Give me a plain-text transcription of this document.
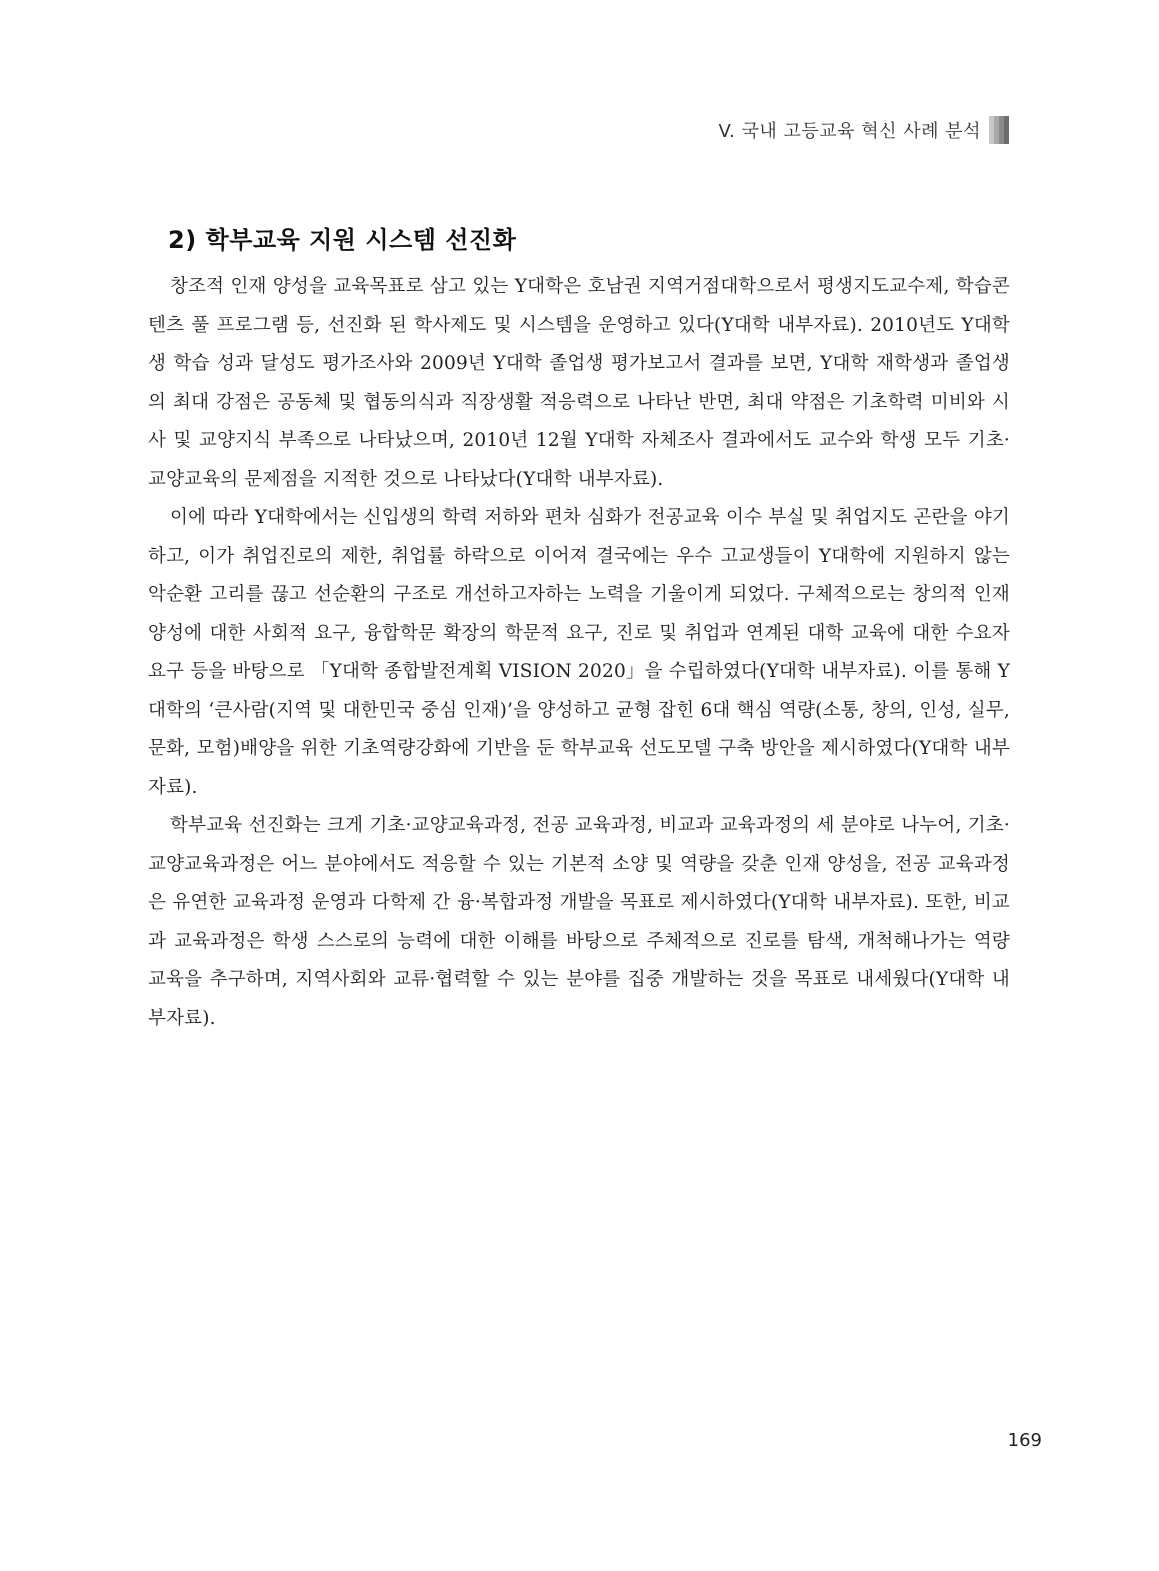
V. 국내 고등교육 혁신 사례 분석
2) 학부교육 지원 시스템 선진화

창조적 인재 양성을 교육목표로 삼고 있는 Y대학은 호남권 지역거점대학으로서 평생지도교수제, 학습콘텐츠 풀 프로그램 등, 선진화 된 학사제도 및 시스템을 운영하고 있다(Y대학 내부자료). 2010년도 Y대학생 학습 성과 달성도 평가조사와 2009년 Y대학 졸업생 평가보고서 결과를 보면, Y대학 재학생과 졸업생의 최대 강점은 공동체 및 협동의식과 직장생활 적응력으로 나타난 반면, 최대 약점은 기초학력 미비와 시사 및 교양지식 부족으로 나타났으며, 2010년 12월 Y대학 자체조사 결과에서도 교수와 학생 모두 기초·교양교육의 문제점을 지적한 것으로 나타났다(Y대학 내부자료).

이에 따라 Y대학에서는 신입생의 학력 저하와 편차 심화가 전공교육 이수 부실 및 취업지도 곤란을 야기하고, 이가 취업진로의 제한, 취업률 하락으로 이어져 결국에는 우수 고교생들이 Y대학에 지원하지 않는 악순환 고리를 끊고 선순환의 구조로 개선하고자하는 노력을 기울이게 되었다. 구체적으로는 창의적 인재 양성에 대한 사회적 요구, 융합학문 확장의 학문적 요구, 진로 및 취업과 연계된 대학 교육에 대한 수요자 요구 등을 바탕으로 「Y대학 종합발전계획 VISION 2020」을 수립하였다(Y대학 내부자료). 이를 통해 Y대학의 ‘큰사람(지역 및 대한민국 중심 인재)’을 양성하고 균형 잡힌 6대 핵심 역량(소통, 창의, 인성, 실무, 문화, 모험)배양을 위한 기초역량강화에 기반을 둔 학부교육 선도모델 구축 방안을 제시하였다(Y대학 내부자료).

학부교육 선진화는 크게 기초·교양교육과정, 전공 교육과정, 비교과 교육과정의 세 분야로 나누어, 기초·교양교육과정은 어느 분야에서도 적응할 수 있는 기본적 소양 및 역량을 갖춘 인재 양성을, 전공 교육과정은 유연한 교육과정 운영과 다학제 간 융·복합과정 개발을 목표로 제시하였다(Y대학 내부자료). 또한, 비교과 교육과정은 학생 스스로의 능력에 대한 이해를 바탕으로 주체적으로 진로를 탐색, 개척해나가는 역량 교육을 추구하며, 지역사회와 교류·협력할 수 있는 분야를 집중 개발하는 것을 목표로 내세웠다(Y대학 내부자료).

169
